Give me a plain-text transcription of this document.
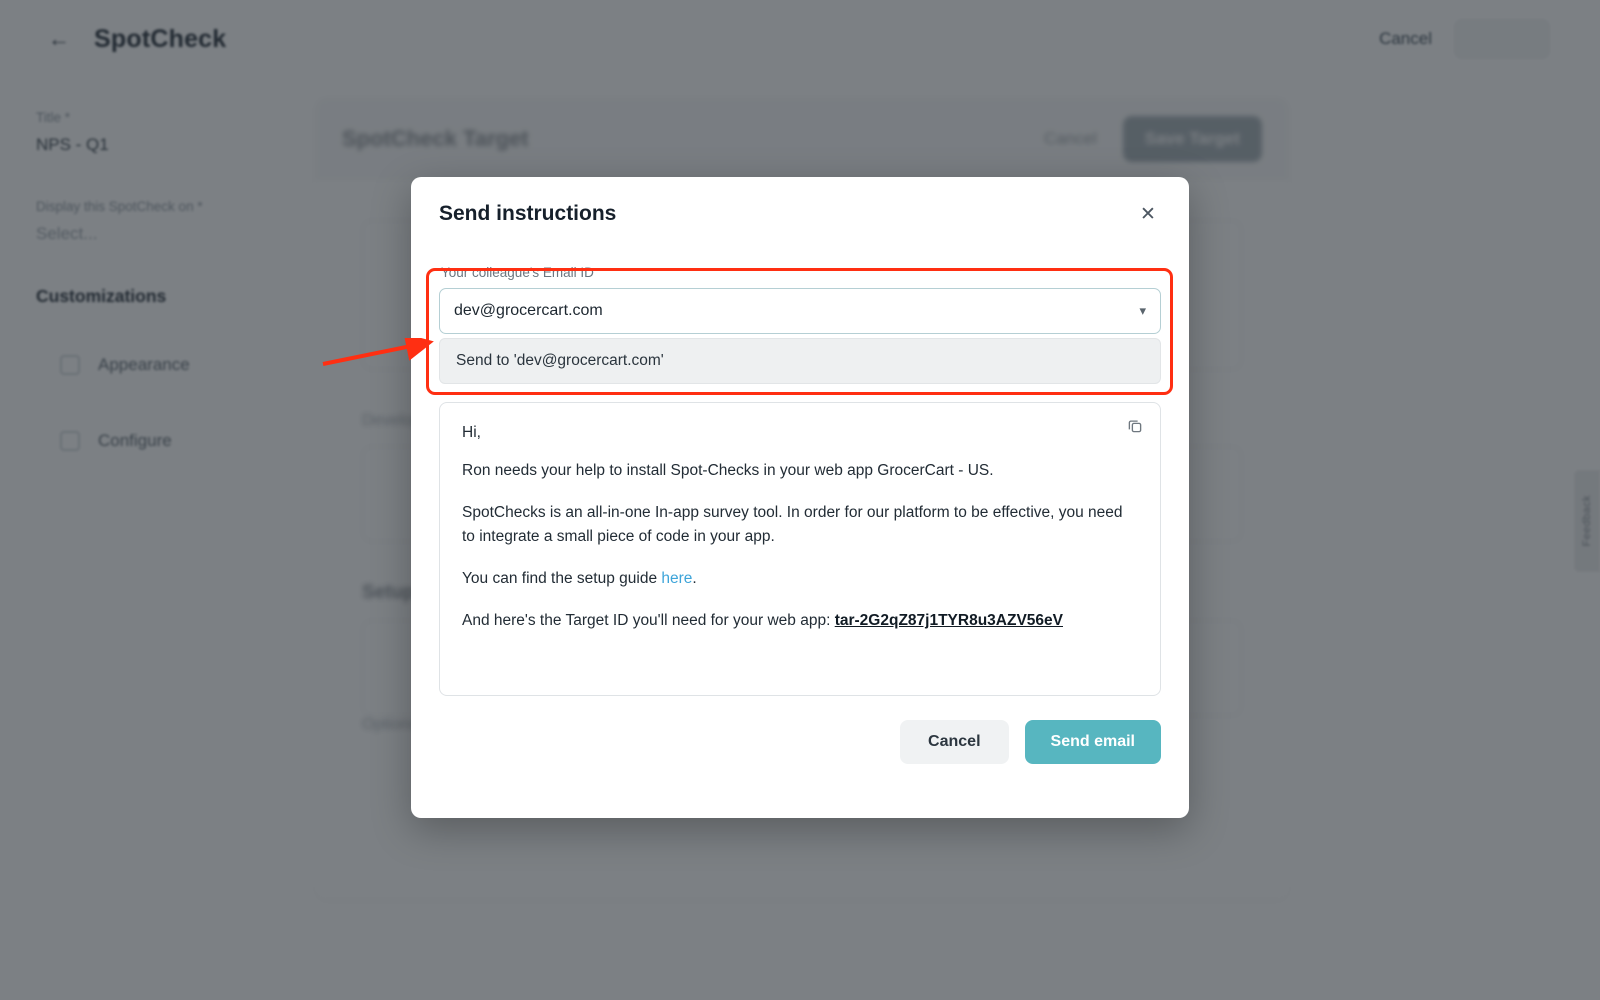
Send instructions	✕
Your colleague's Email ID
dev@grocercart.com	▾
Send to 'dev@grocercart.com'

Hi,

Ron needs your help to install Spot-Checks in your web app GrocerCart - US.

SpotChecks is an all-in-one In-app survey tool. In order for our platform to be effective, you need to integrate a small piece of code in your app.

You can find the setup guide here.

And here's the Target ID you'll need for your web app: tar-2G2qZ87j1TYR8u3AZV56eV

Cancel	Send email
